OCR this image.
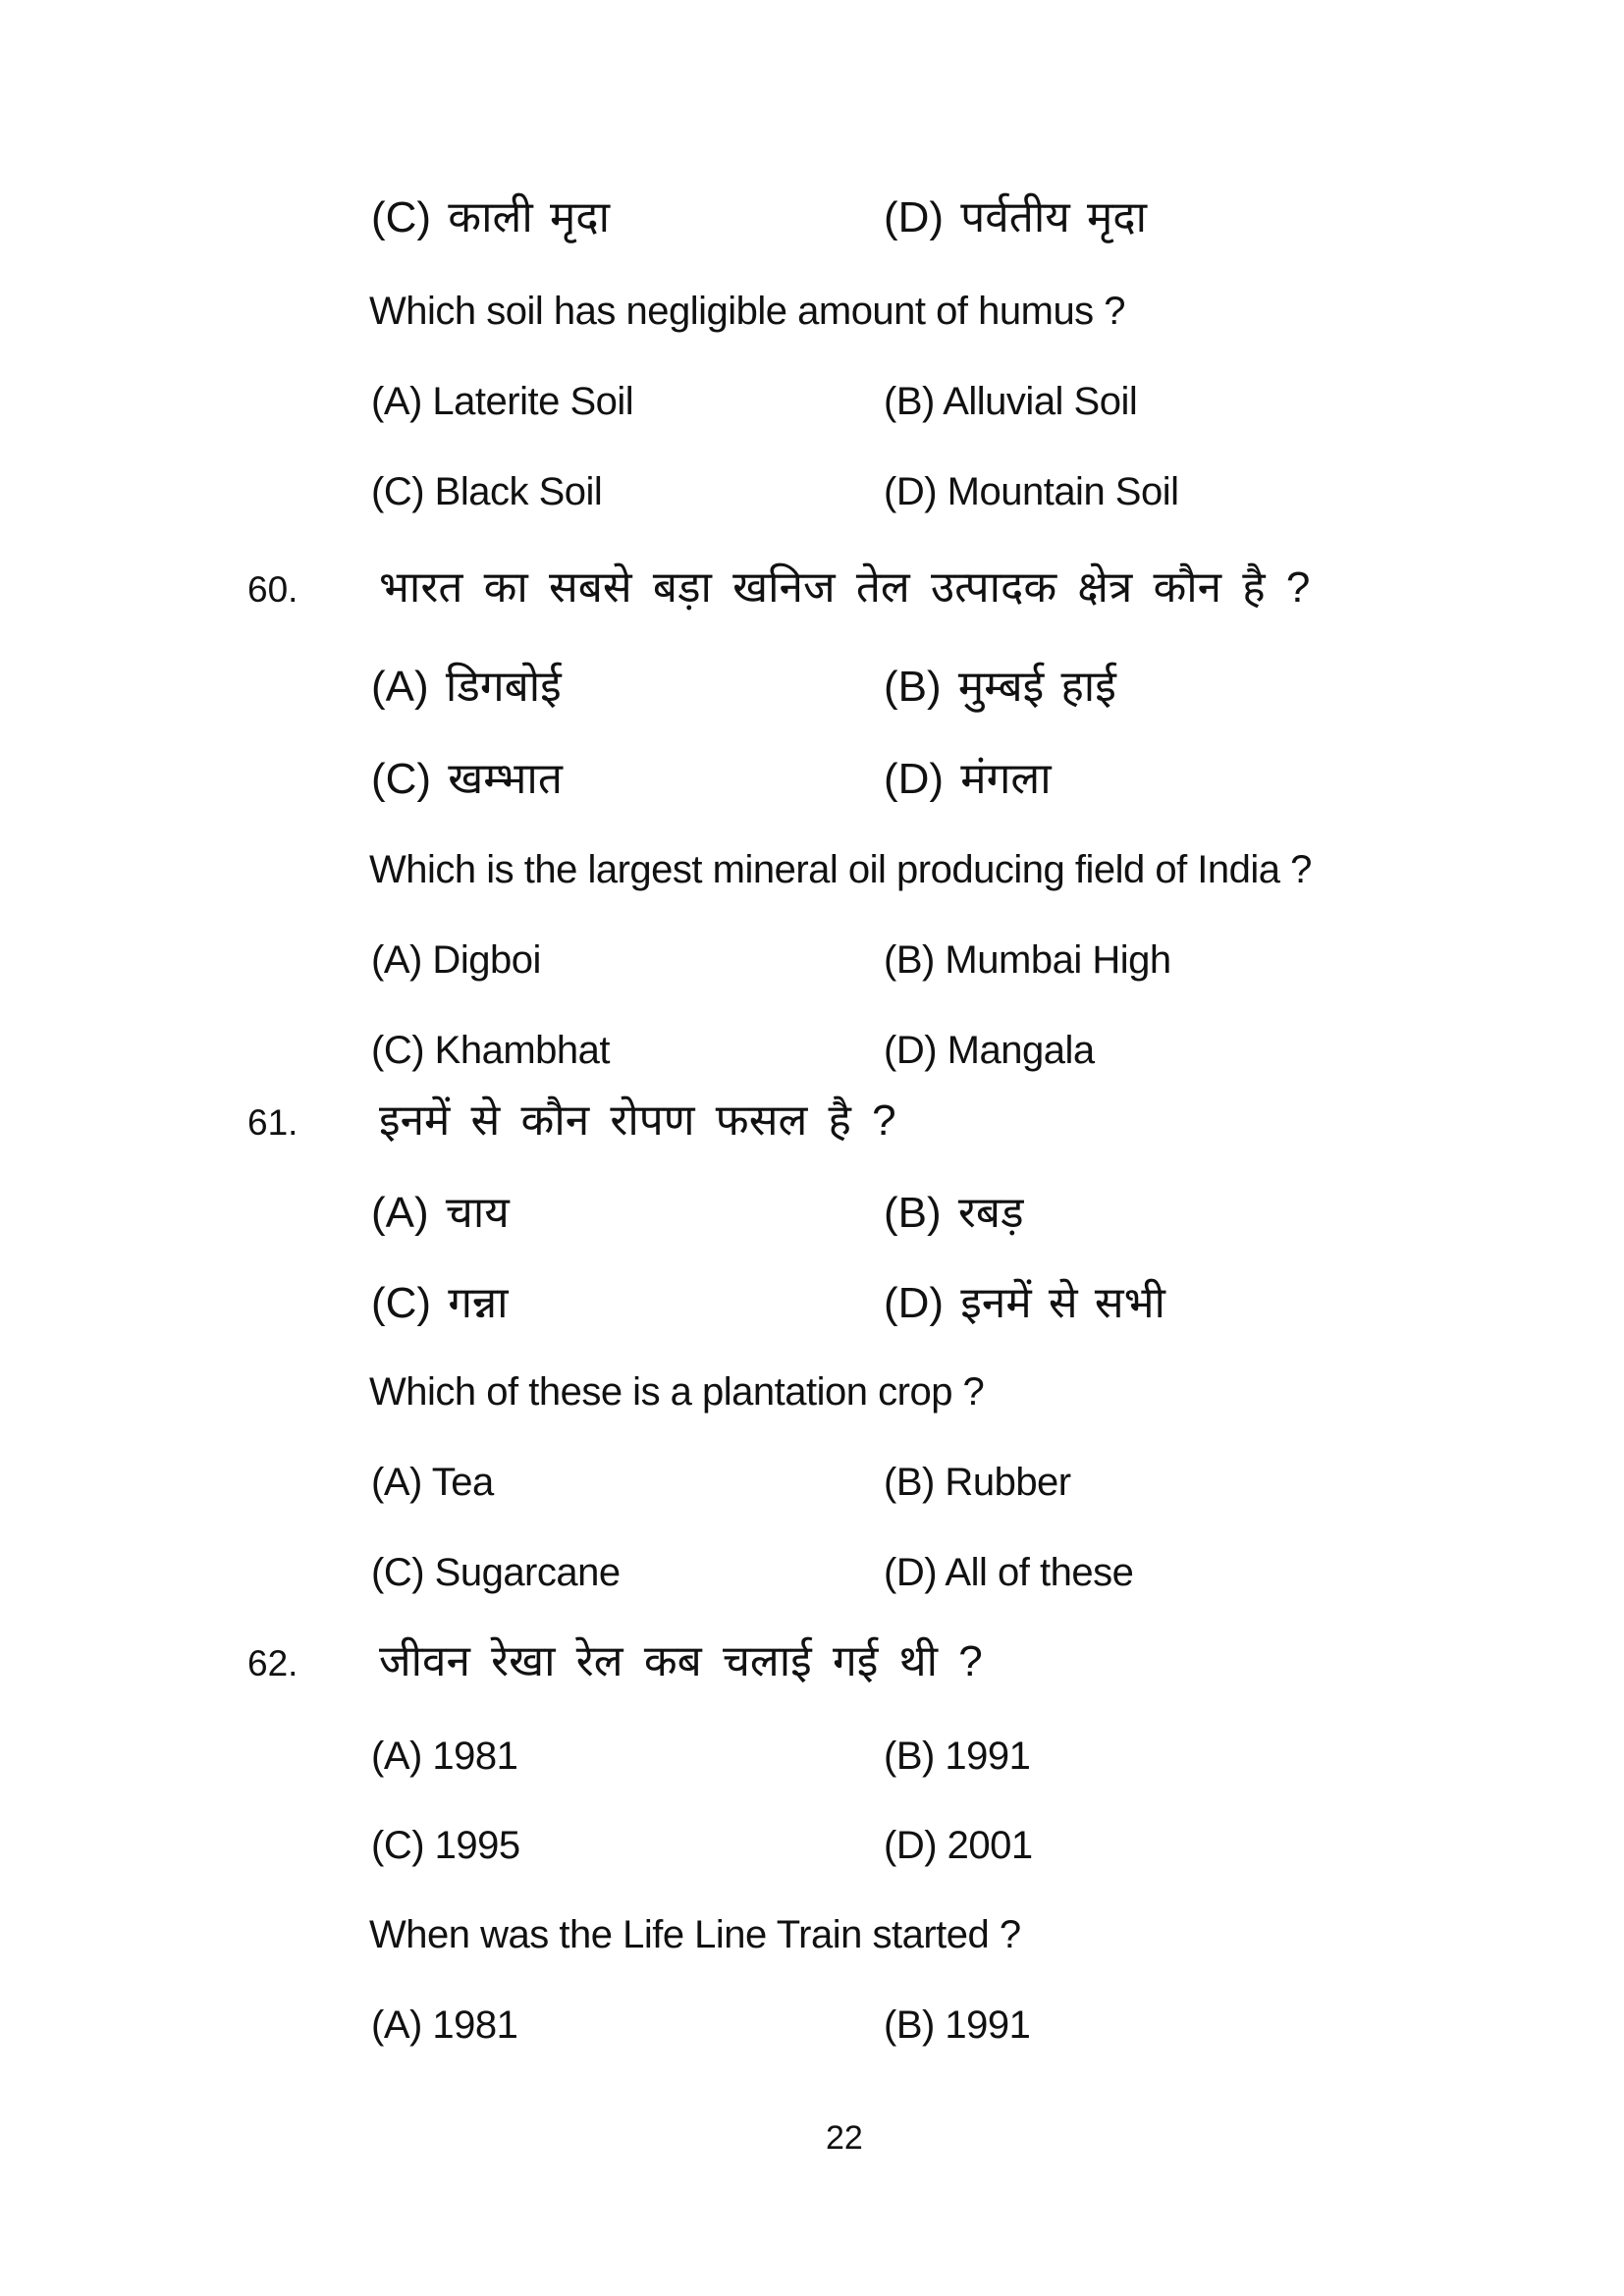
(C) काली मृदा	(D) पर्वतीय मृदा
Which soil has negligible amount of humus ?
(A) Laterite Soil	(B) Alluvial Soil
(C) Black Soil	(D) Mountain Soil
60. भारत का सबसे बड़ा खनिज तेल उत्पादक क्षेत्र कौन है ?
(A) डिगबोई	(B) मुम्बई हाई
(C) खम्भात	(D) मंगला
Which is the largest mineral oil producing field of India ?
(A) Digboi	(B) Mumbai High
(C) Khambhat	(D) Mangala
61. इनमें से कौन रोपण फसल है ?
(A) चाय	(B) रबड़
(C) गन्ना	(D) इनमें से सभी
Which of these is a plantation crop ?
(A) Tea	(B) Rubber
(C) Sugarcane	(D) All of these
62. जीवन रेखा रेल कब चलाई गई थी ?
(A) 1981	(B) 1991
(C) 1995	(D) 2001
When was the Life Line Train started ?
(A) 1981	(B) 1991
22
